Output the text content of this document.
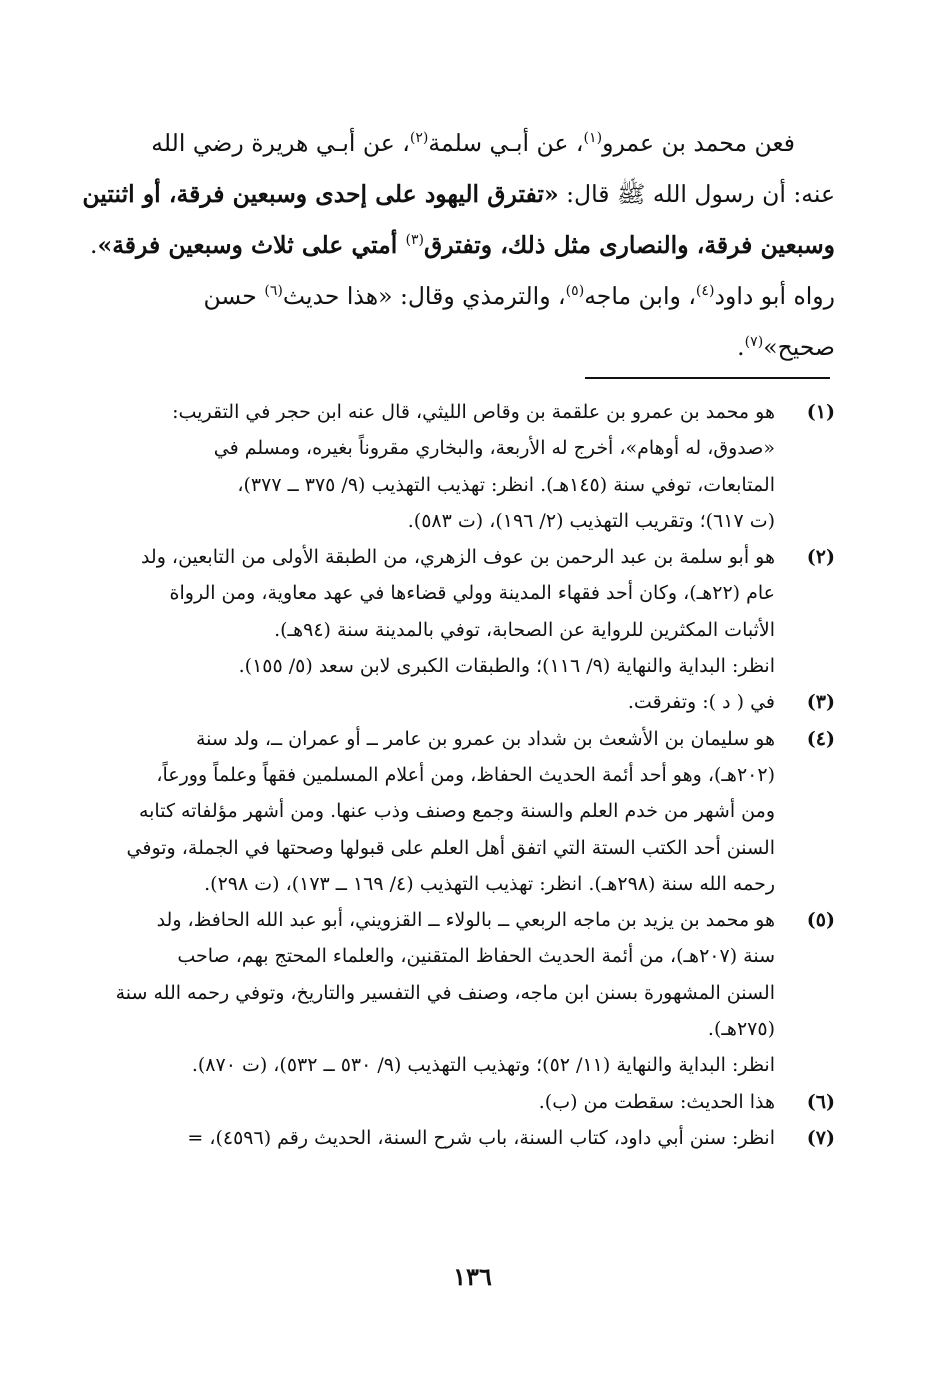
فعن محمد بن عمرو$^{(١)}$، عن أبـي سلمة$^{(٢)}$، عن أبـي هريرة رضي الله
عنه: أن رسول الله ﷺ قال: «تفترق اليهود على إحدى وسبعين فرقة، أو اثنتين
وسبعين فرقة، والنصارى مثل ذلك، وتفترق$^{(٣)}$ أمتي على ثلاث وسبعين فرقة».
رواه أبو داود$^{(٤)}$، وابن ماجه$^{(٥)}$، والترمذي وقال: «هذا حديث$^{(٦)}$ حسن
صحيح»$^{(٧)}$.
(١)
هو محمد بن عمرو بن علقمة بن وقاص الليثي، قال عنه ابن حجر في التقريب:
«صدوق، له أوهام»، أخرج له الأربعة، والبخاري مقروناً بغيره، ومسلم في
المتابعات، توفي سنة (١٤٥هـ). انظر: تهذيب التهذيب (٩/ ٣٧٥ ــ ٣٧٧)،
(ت ٦١٧)؛ وتقريب التهذيب (٢/ ١٩٦)، (ت ٥٨٣).
(٢)
هو أبو سلمة بن عبد الرحمن بن عوف الزهري، من الطبقة الأولى من التابعين، ولد
عام (٢٢هـ)، وكان أحد فقهاء المدينة وولي قضاءها في عهد معاوية، ومن الرواة
الأثبات المكثرين للرواية عن الصحابة، توفي بالمدينة سنة (٩٤هـ).
انظر: البداية والنهاية (٩/ ١١٦)؛ والطبقات الكبرى لابن سعد (٥/ ١٥٥).
(٣)
في ( د ): وتفرقت.
(٤)
هو سليمان بن الأشعث بن شداد بن عمرو بن عامر ــ أو عمران ــ، ولد سنة
(٢٠٢هـ)، وهو أحد أئمة الحديث الحفاظ، ومن أعلام المسلمين فقهاً وعلماً وورعاً،
ومن أشهر من خدم العلم والسنة وجمع وصنف وذب عنها. ومن أشهر مؤلفاته كتابه
السنن أحد الكتب الستة التي اتفق أهل العلم على قبولها وصحتها في الجملة، وتوفي
رحمه الله سنة (٢٩٨هـ). انظر: تهذيب التهذيب (٤/ ١٦٩ ــ ١٧٣)، (ت ٢٩٨).
(٥)
هو محمد بن يزيد بن ماجه الربعي ــ بالولاء ــ القزويني، أبو عبد الله الحافظ، ولد
سنة (٢٠٧هـ)، من أئمة الحديث الحفاظ المتقنين، والعلماء المحتج بهم، صاحب
السنن المشهورة بسنن ابن ماجه، وصنف في التفسير والتاريخ، وتوفي رحمه الله سنة
(٢٧٥هـ).
انظر: البداية والنهاية (١١/ ٥٢)؛ وتهذيب التهذيب (٩/ ٥٣٠ ــ ٥٣٢)، (ت ٨٧٠).
(٦)
هذا الحديث: سقطت من (ب).
(٧)
انظر: سنن أبي داود، كتاب السنة، باب شرح السنة، الحديث رقم (٤٥٩٦)، =
١٣٦
